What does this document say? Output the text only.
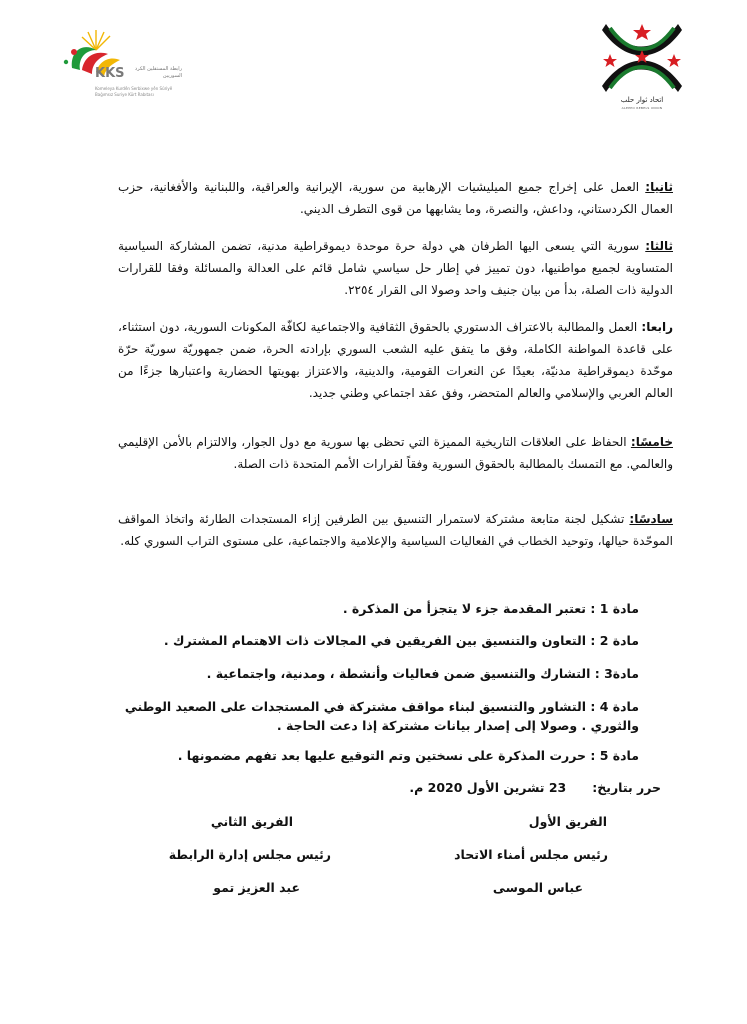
KKS	رابطة المستقلين الكرد السوريين
Komeleya Kurdên Serbixwe yên Sûriyê
Bağımsız Suriye Kürt Rabıtası
اتحاد ثوار حلب
ALEPPO REBELS UNION

ثانيا: العمل على إخراج جميع الميليشيات الإرهابية من سورية، الإيرانية والعراقية، واللبنانية والأفغانية، حزب العمال الكردستاني، وداعش، والنصرة، وما يشابهها من قوى التطرف الديني.

ثالثا: سورية التي يسعى اليها الطرفان هي دولة حرة موحدة ديموقراطية مدنية، تضمن المشاركة السياسية المتساوية لجميع مواطنيها، دون تمييز في إطار حل سياسي شامل قائم على العدالة والمسائلة وفقا للقرارات الدولية ذات الصلة، بدأ من بيان جنيف واحد وصولا الى القرار ٢٢٥٤.

رابعا: العمل والمطالبة بالاعتراف الدستوري بالحقوق الثقافية والاجتماعية لكافّة المكونات السورية، دون استثناء، على قاعدة المواطنة الكاملة، وفق ما يتفق عليه الشعب السوري بإرادته الحرة، ضمن جمهوريّة سوريّة حرّة موحّدة ديموقراطية مدنيّة، بعيدًا عن النعرات القومية، والدينية، والاعتزاز بهويتها الحضارية واعتبارها جزءًا من العالم العربي والإسلامي والعالم المتحضر، وفق عقد اجتماعي وطني جديد.

خامسًا: الحفاظ على العلاقات التاريخية المميزة التي تحظى بها سورية مع دول الجوار، والالتزام بالأمن الإقليمي والعالمي. مع التمسك بالمطالبة بالحقوق السورية وفقاً لقرارات الأمم المتحدة ذات الصلة.

سادسًا: تشكيل لجنة متابعة مشتركة لاستمرار التنسيق بين الطرفين إزاء المستجدات الطارئة واتخاذ المواقف الموحّدة حيالها، وتوحيد الخطاب في الفعاليات السياسية والإعلامية والاجتماعية، على مستوى التراب السوري كله.

مادة 1 : تعتبر المقدمة جزء لا يتجزأ من المذكرة .
مادة 2 : التعاون والتنسيق بين الفريقين في المجالات ذات الاهتمام المشترك .
مادة3 : التشارك والتنسيق ضمن فعاليات وأنشطة ، ومدنية، واجتماعية .
مادة 4 : التشاور والتنسيق لبناء مواقف مشتركة في المستجدات على الصعيد الوطني والثوري . وصولا إلى إصدار بيانات مشتركة إذا دعت الحاجة .
مادة 5 : حررت المذكرة على نسختين وتم التوقيع عليها بعد تفهم مضمونها .
حرر بتاريخ:23 تشرين الأول 2020 م.
الفريق الأول
رئيس مجلس أمناء الاتحاد
عباس الموسى
الفريق الثاني
رئيس مجلس إدارة الرابطة
عبد العزيز تمو
